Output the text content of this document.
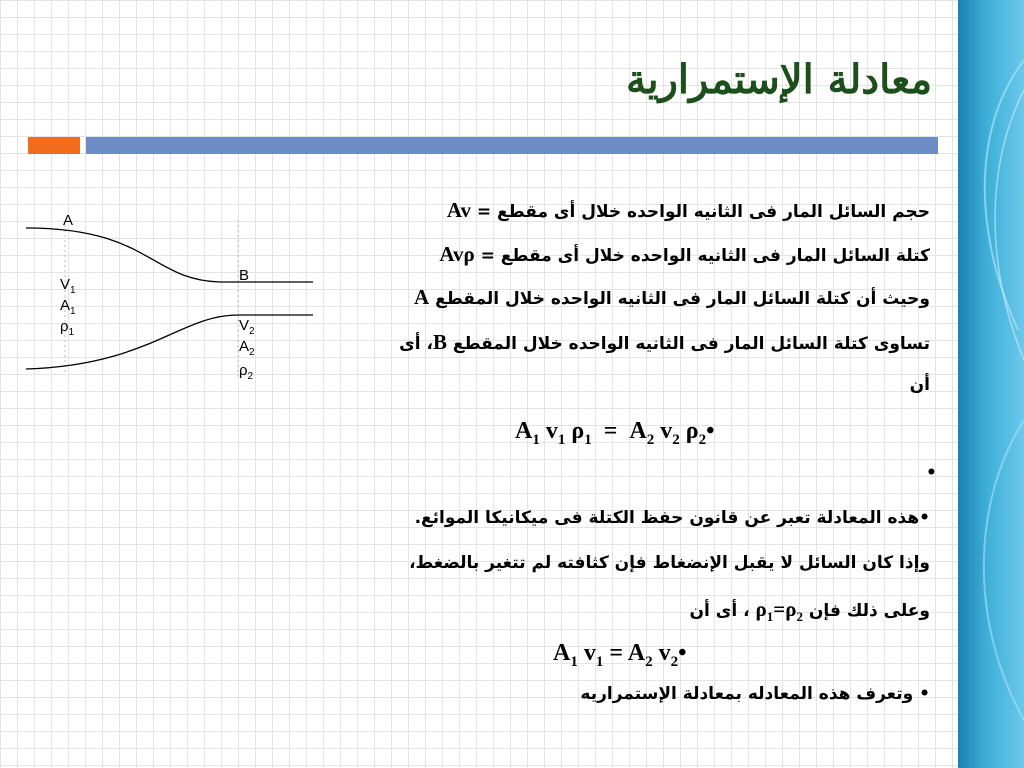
معادلة الإستمرارية
A
B
$V_1$
$A_1$
$\rho_1$	$V_2$
$A_2$
$\rho_2$
حجم السائل المار فى الثانيه الواحده خلال أى مقطع = Av
كتلة السائل المار فى الثانيه الواحده خلال أى مقطع = Avρ
وحيث أن كتلة السائل المار فى الثانيه الواحده خلال المقطع A
تساوى كتلة السائل المار فى الثانيه الواحده خلال المقطع B، أى
أن
$A_1$ $v_1$ $\rho_1 = A_2$ $v_2$ $\rho_2•$
•
•هذه المعادلة تعبر عن قانون حفظ الكتلة فى ميكانيكا الموائع.
وإذا كان السائل لا يقبل الإنضغاط فإن كثافته لم تتغير بالضغط،
وعلى ذلك فإن $\rho_1=\rho_2$ ، أى أن
$A_1$ $v_1 = A_2$ $v_2•$
• وتعرف هذه المعادله بمعادلة الإستمراريه
